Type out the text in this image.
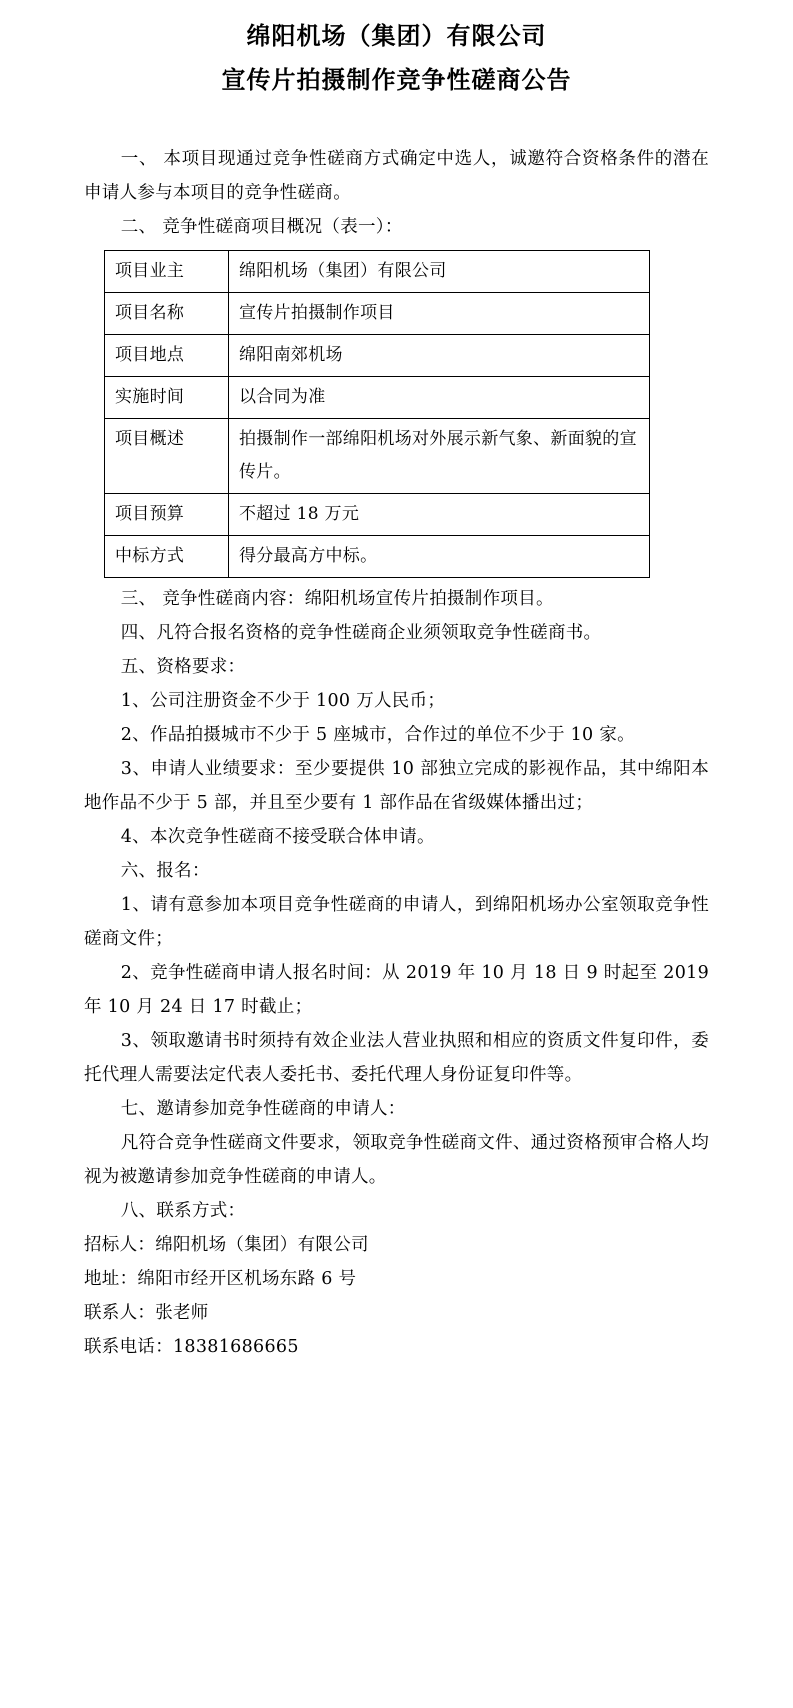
绵阳机场（集团）有限公司
宣传片拍摄制作竞争性磋商公告

一、 本项目现通过竞争性磋商方式确定中选人，诚邀符合资格条件的潜在申请人参与本项目的竞争性磋商。

二、 竞争性磋商项目概况（表一）：

项目业主	绵阳机场（集团）有限公司
项目名称	宣传片拍摄制作项目
项目地点	绵阳南郊机场
实施时间	以合同为准
项目概述	拍摄制作一部绵阳机场对外展示新气象、新面貌的宣传片。
项目预算	不超过 18 万元
中标方式	得分最高方中标。

三、 竞争性磋商内容：绵阳机场宣传片拍摄制作项目。

四、凡符合报名资格的竞争性磋商企业须领取竞争性磋商书。

五、资格要求：

1、公司注册资金不少于 100 万人民币；

2、作品拍摄城市不少于 5 座城市，合作过的单位不少于 10 家。

3、申请人业绩要求：至少要提供 10 部独立完成的影视作品，其中绵阳本地作品不少于 5 部，并且至少要有 1 部作品在省级媒体播出过；

4、本次竞争性磋商不接受联合体申请。

六、报名：

1、请有意参加本项目竞争性磋商的申请人，到绵阳机场办公室领取竞争性磋商文件；

2、竞争性磋商申请人报名时间：从 2019 年 10 月 18 日 9 时起至 2019 年 10 月 24 日 17 时截止；

3、领取邀请书时须持有效企业法人营业执照和相应的资质文件复印件，委托代理人需要法定代表人委托书、委托代理人身份证复印件等。

七、邀请参加竞争性磋商的申请人：

凡符合竞争性磋商文件要求，领取竞争性磋商文件、通过资格预审合格人均视为被邀请参加竞争性磋商的申请人。

八、联系方式：

招标人：绵阳机场（集团）有限公司

地址：绵阳市经开区机场东路 6 号

联系人：张老师

联系电话：18381686665
